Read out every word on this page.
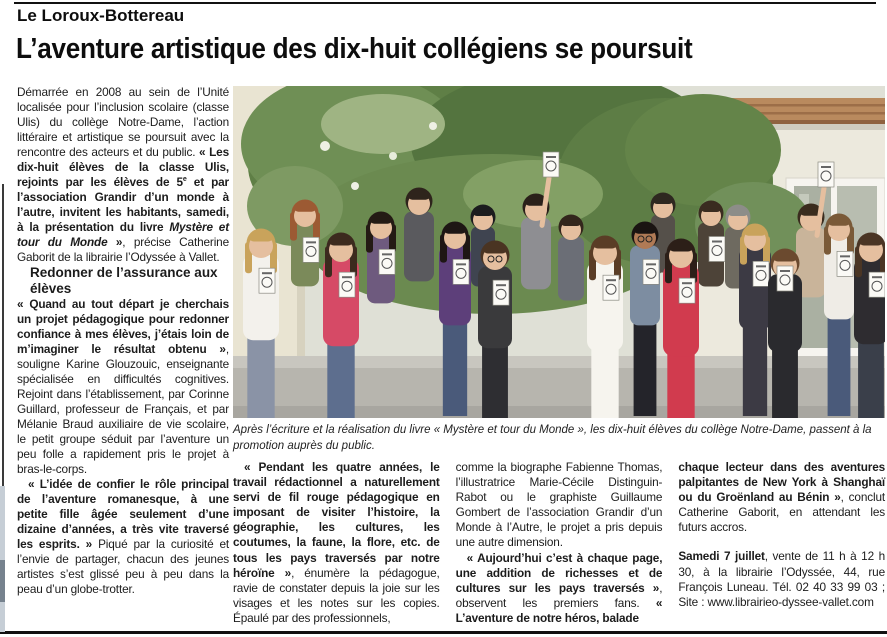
Le Loroux-Bottereau
L’aventure artistique des dix-huit collégiens se poursuit

Démarrée en 2008 au sein de l’Unité localisée pour l’inclusion scolaire (classe Ulis) du collège Notre-Dame, l’action littéraire et artistique se poursuit avec la rencontre des acteurs et du public. « Les dix-huit élèves de la classe Ulis, rejoints par les élèves de 5e et par l’association Grandir d’un monde à l’autre, invitent les habitants, samedi, à la présentation du livre Mystère et tour du Monde », précise Catherine Gaborit de la librairie l’Odyssée à Vallet.

Redonner de l’assurance aux élèves

« Quand au tout départ je cherchais un projet pédagogique pour redonner confiance à mes élèves, j’étais loin de m’imaginer le résultat obtenu », souligne Karine Glouzouic, enseignante spécialisée en difficultés cognitives. Rejoint dans l’établissement, par Corinne Guillard, professeur de Français, et par Mélanie Braud auxiliaire de vie scolaire, le petit groupe séduit par l’aventure un peu folle a rapidement pris le projet à bras-le-corps.

« L’idée de confier le rôle principal de l’aventure romanesque, à une petite fille âgée seulement d’une dizaine d’années, a très vite traversé les esprits. » Piqué par la curiosité et l’envie de partager, chacun des jeunes artistes s’est glissé peu à peu dans la peau d’un globe-trotter.

Après l’écriture et la réalisation du livre « Mystère et tour du Monde », les dix-huit élèves du collège Notre-Dame, passent à la promotion auprès du public.

« Pendant les quatre années, le travail rédactionnel a naturellement servi de fil rouge pédagogique en imposant de visiter l’histoire, la géographie, les cultures, les coutumes, la faune, la flore, etc. de tous les pays traversés par notre héroïne », énumère la pédagogue, ravie de constater depuis la joie sur les visages et les notes sur les copies. Épaulé par des professionnels,

comme la biographe Fabienne Thomas, l’illustratrice Marie-Cécile Distinguin-Rabot ou le graphiste Guillaume Gombert de l’association Grandir d’un Monde à l’Autre, le projet a pris depuis une autre dimension.

« Aujourd’hui c’est à chaque page, une addition de richesses et de cultures sur les pays traversés », observent les premiers fans. « L’aventure de notre héros, balade

chaque lecteur dans des aventures palpitantes de New York à Shanghaï ou du Groënland au Bénin », conclut Catherine Gaborit, en attendant les futurs accros.

Samedi 7 juillet, vente de 11 h à 12 h 30, à la librairie l’Odyssée, 44, rue François Luneau. Tél. 02 40 33 99 03 ; Site : www.librairieo-dyssee-vallet.com
